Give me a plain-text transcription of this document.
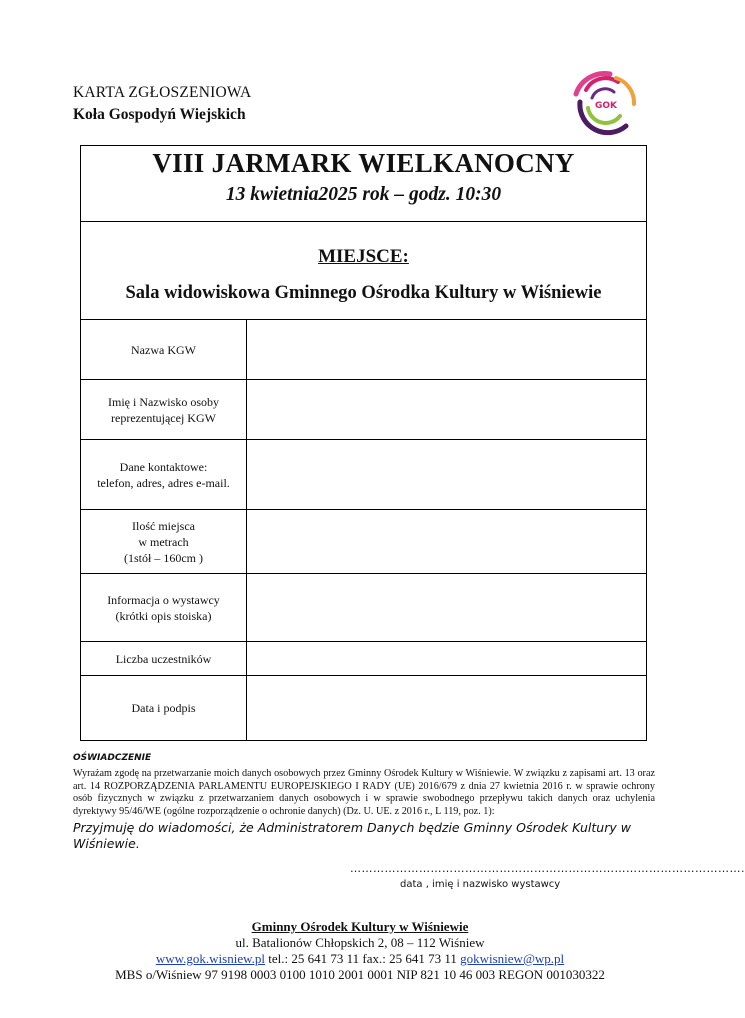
KARTA ZGŁOSZENIOWA
Koła Gospodyń Wiejskich	GOK
VIII JARMARK WIELKANOCNY
13 kwietnia2025 rok – godz. 10:30
MIEJSCE:
Sala widowiskowa Gminnego Ośrodka Kultury w Wiśniewie
Nazwa KGW
Imię i Nazwisko osoby
reprezentującej KGW
Dane kontaktowe:
telefon, adres, adres e-mail.
Ilość miejsca
w metrach
(1stół – 160cm )
Informacja o wystawcy
(krótki opis stoiska)
Liczba uczestników
Data i podpis
OŚWIADCZENIE
Wyrażam zgodę na przetwarzanie moich danych osobowych przez Gminny Ośrodek Kultury w Wiśniewie. W związku z zapisami art. 13 oraz art. 14 ROZPORZĄDZENIA PARLAMENTU EUROPEJSKIEGO I RADY (UE) 2016/679 z dnia 27 kwietnia 2016 r. w sprawie ochrony osób fizycznych w związku z przetwarzaniem danych osobowych i w sprawie swobodnego przepływu takich danych oraz uchylenia dyrektywy 95/46/WE (ogólne rozporządzenie o ochronie danych) (Dz. U. UE. z 2016 r., L 119, poz. 1):
Przyjmuję do wiadomości, że Administratorem Danych będzie Gminny Ośrodek Kultury w Wiśniewie.
………………………………………………………………………………………….
data , imię i nazwisko wystawcy
Gminny Ośrodek Kultury w Wiśniewie
ul. Batalionów Chłopskich 2, 08 – 112 Wiśniew
www.gok.wisniew.pl tel.: 25 641 73 11 fax.: 25 641 73 11 gokwisniew@wp.pl
MBS o/Wiśniew 97 9198 0003 0100 1010 2001 0001 NIP 821 10 46 003 REGON 001030322
